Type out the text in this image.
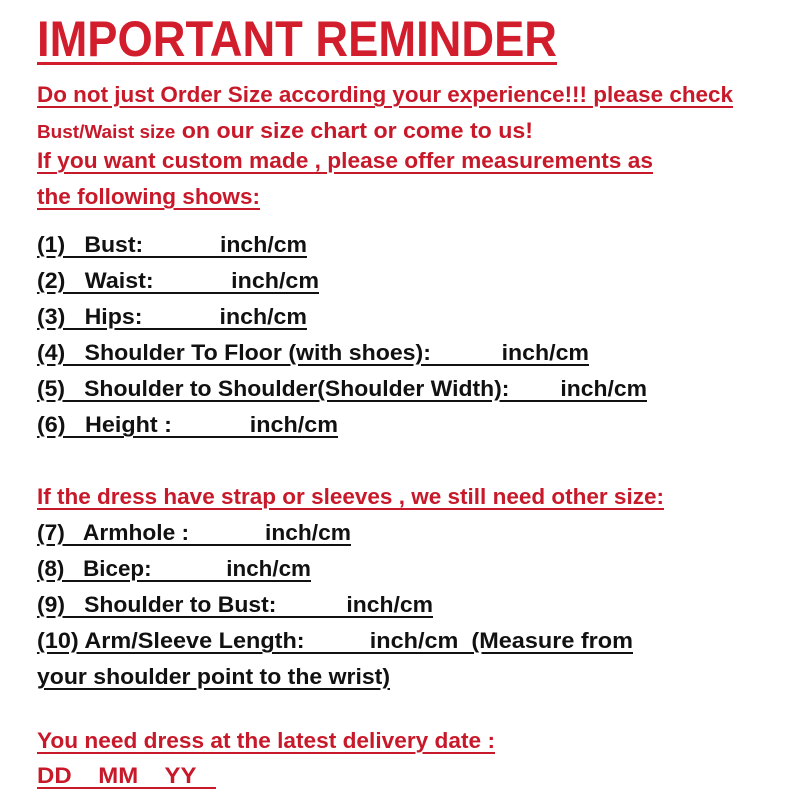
IMPORTANT REMINDER
Do not just Order Size according your experience!!! please check
Bust/Waist size on our size chart or come to us!
If you want custom made , please offer measurements as
the following shows:
(1)   Bust:            inch/cm
(2)   Waist:            inch/cm
(3)   Hips:            inch/cm
(4)   Shoulder To Floor (with shoes):           inch/cm
(5)   Shoulder to Shoulder(Shoulder Width):        inch/cm
(6)   Height :            inch/cm
If the dress have strap or sleeves , we still need other size:
(7)   Armhole :            inch/cm
(8)   Bicep:            inch/cm
(9)   Shoulder to Bust:           inch/cm
(10) Arm/Sleeve Length:          inch/cm  (Measure from
your shoulder point to the wrist)
You need dress at the latest delivery date :
DD    MM    YY
